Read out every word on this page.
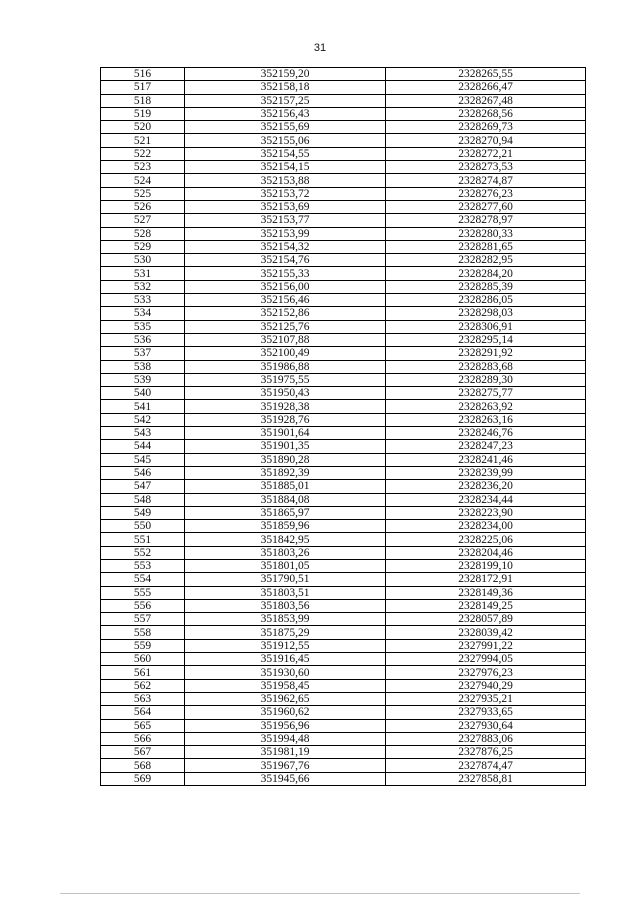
31
516	352159,20	2328265,55
517	352158,18	2328266,47
518	352157,25	2328267,48
519	352156,43	2328268,56
520	352155,69	2328269,73
521	352155,06	2328270,94
522	352154,55	2328272,21
523	352154,15	2328273,53
524	352153,88	2328274,87
525	352153,72	2328276,23
526	352153,69	2328277,60
527	352153,77	2328278,97
528	352153,99	2328280,33
529	352154,32	2328281,65
530	352154,76	2328282,95
531	352155,33	2328284,20
532	352156,00	2328285,39
533	352156,46	2328286,05
534	352152,86	2328298,03
535	352125,76	2328306,91
536	352107,88	2328295,14
537	352100,49	2328291,92
538	351986,88	2328283,68
539	351975,55	2328289,30
540	351950,43	2328275,77
541	351928,38	2328263,92
542	351928,76	2328263,16
543	351901,64	2328246,76
544	351901,35	2328247,23
545	351890,28	2328241,46
546	351892,39	2328239,99
547	351885,01	2328236,20
548	351884,08	2328234,44
549	351865,97	2328223,90
550	351859,96	2328234,00
551	351842,95	2328225,06
552	351803,26	2328204,46
553	351801,05	2328199,10
554	351790,51	2328172,91
555	351803,51	2328149,36
556	351803,56	2328149,25
557	351853,99	2328057,89
558	351875,29	2328039,42
559	351912,55	2327991,22
560	351916,45	2327994,05
561	351930,60	2327976,23
562	351958,45	2327940,29
563	351962,65	2327935,21
564	351960,62	2327933,65
565	351956,96	2327930,64
566	351994,48	2327883,06
567	351981,19	2327876,25
568	351967,76	2327874,47
569	351945,66	2327858,81
